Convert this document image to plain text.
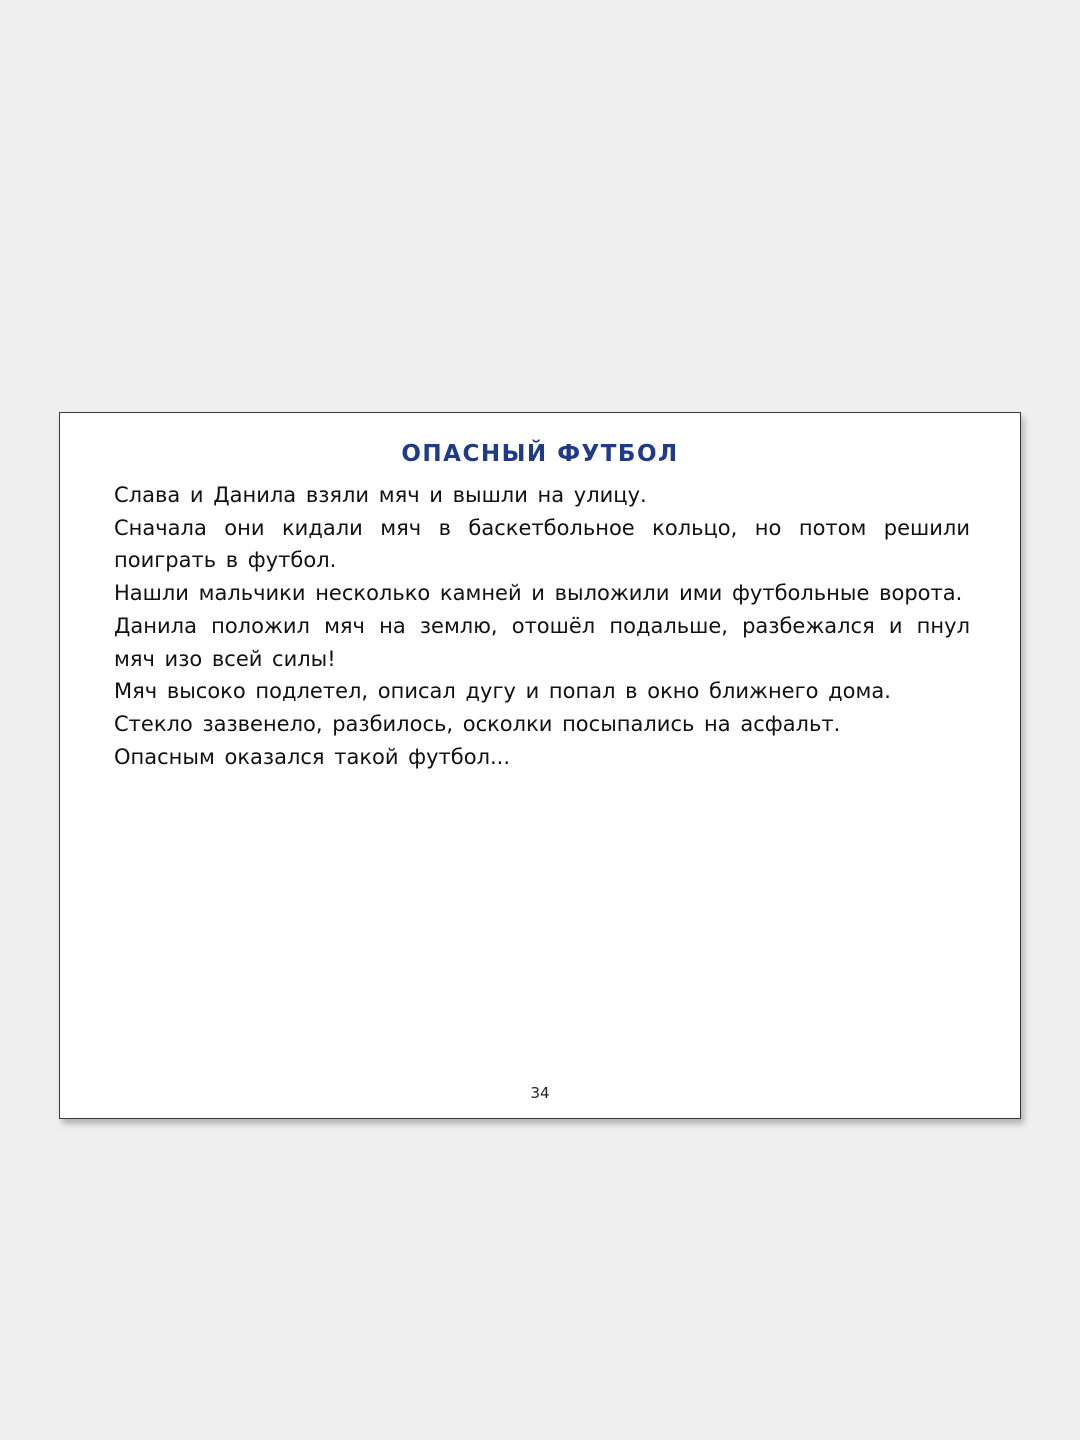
ОПАСНЫЙ ФУТБОЛ

Слава и Данила взяли мяч и вышли на улицу.

Сначала они кидали мяч в баскетбольное кольцо, но потом решили поиграть в футбол.

Нашли мальчики несколько камней и выложили ими футбольные ворота.

Данила положил мяч на землю, отошёл подальше, разбежался и пнул мяч изо всей силы!

Мяч высоко подлетел, описал дугу и попал в окно ближнего дома.

Стекло зазвенело, разбилось, осколки посыпались на асфальт.

Опасным оказался такой футбол...

34
